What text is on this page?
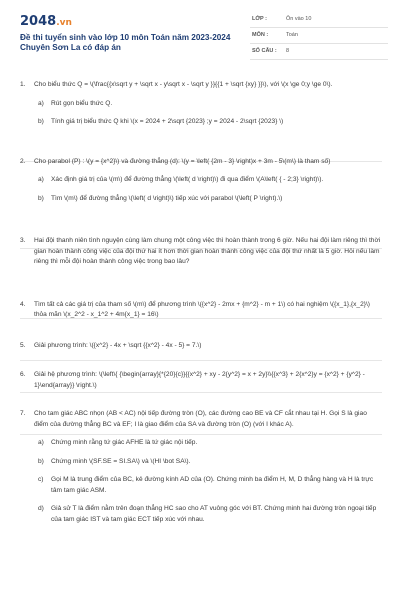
2048.vn
Đề thi tuyển sinh vào lớp 10 môn Toán năm 2023-2024 Chuyên Sơn La có đáp án
LỚP :	Ôn vào 10
MÔN :	Toán
SỐ CÂU : 8
1. Cho biểu thức Q = \(\frac{{x\sqrt y + \sqrt x - y\sqrt x - \sqrt y }}{{1 + \sqrt {xy} }}\), với \(x \ge 0;y \ge 0\).
a) Rút gọn biểu thức Q.
b) Tính giá trị biểu thức Q khi \(x = 2024 + 2\sqrt {2023} ;y = 2024 - 2\sqrt {2023} \)
2. Cho parabol (P) : \(y = {x^2}\) và đường thẳng (d): \(y = \left( {2m - 3} \right)x + 3m - 5\(m\) là tham số)
a) Xác định giá trị của \(m\) để đường thẳng \(\left( d \right)\) đi qua điểm \(A\left( { - 2;3} \right)\).
b) Tìm \(m\) để đường thẳng \(\left( d \right)\) tiếp xúc với parabol \(\left( P \right).\)
3. Hai đội thanh niên tình nguyện cùng làm chung một công việc thì hoàn thành trong 6 giờ. Nếu hai đội làm riêng thì thời gian hoàn thành công việc của đội thứ hai ít hơn thời gian hoàn thành công việc của đội thứ nhất là 5 giờ. Hỏi nếu làm riêng thì mỗi đội hoàn thành công việc trong bao lâu?
4. Tìm tất cả các giá trị của tham số \(m\) để phương trình \({x^2} - 2mx + {m^2} - m + 1\) có hai nghiệm \({x_1},{x_2}\) thỏa mãn \(x_2^2 - x_1^2 + 4m{x_1} = 16\)
5. Giải phương trình: \({x^2} - 4x + \sqrt {{x^2} - 4x - 5} = 7.\)
6. Giải hệ phương trình: \(\left\{ {\begin{array}{*{20}{c}}{{x^2} + xy - 2{y^2} = x + 2y}\\{{x^3} + 2{x^2}y = {x^2} + {y^2} - 1}\end{array}} \right.\)
7. Cho tam giác ABC nhọn (AB < AC) nội tiếp đường tròn (O), các đường cao BE và CF cắt nhau tại H. Gọi S là giao điểm của đường thẳng BC và EF; I là giao điểm của SA và đường tròn (O) (với I khác A).
a) Chứng minh rằng tứ giác AFHE là tứ giác nội tiếp.
b) Chứng minh \(SF.SE = SI.SA\) và \(HI \bot SA\).
c) Gọi M là trung điểm của BC, kẻ đường kính AD của (O). Chứng minh ba điểm H, M, D thẳng hàng và H là trực tâm tam giác ASM.
d) Giả sử T là điểm nằm trên đoạn thẳng HC sao cho AT vuông góc với BT. Chứng minh hai đường tròn ngoại tiếp của tam giác IST và tam giác ECT tiếp xúc với nhau.
